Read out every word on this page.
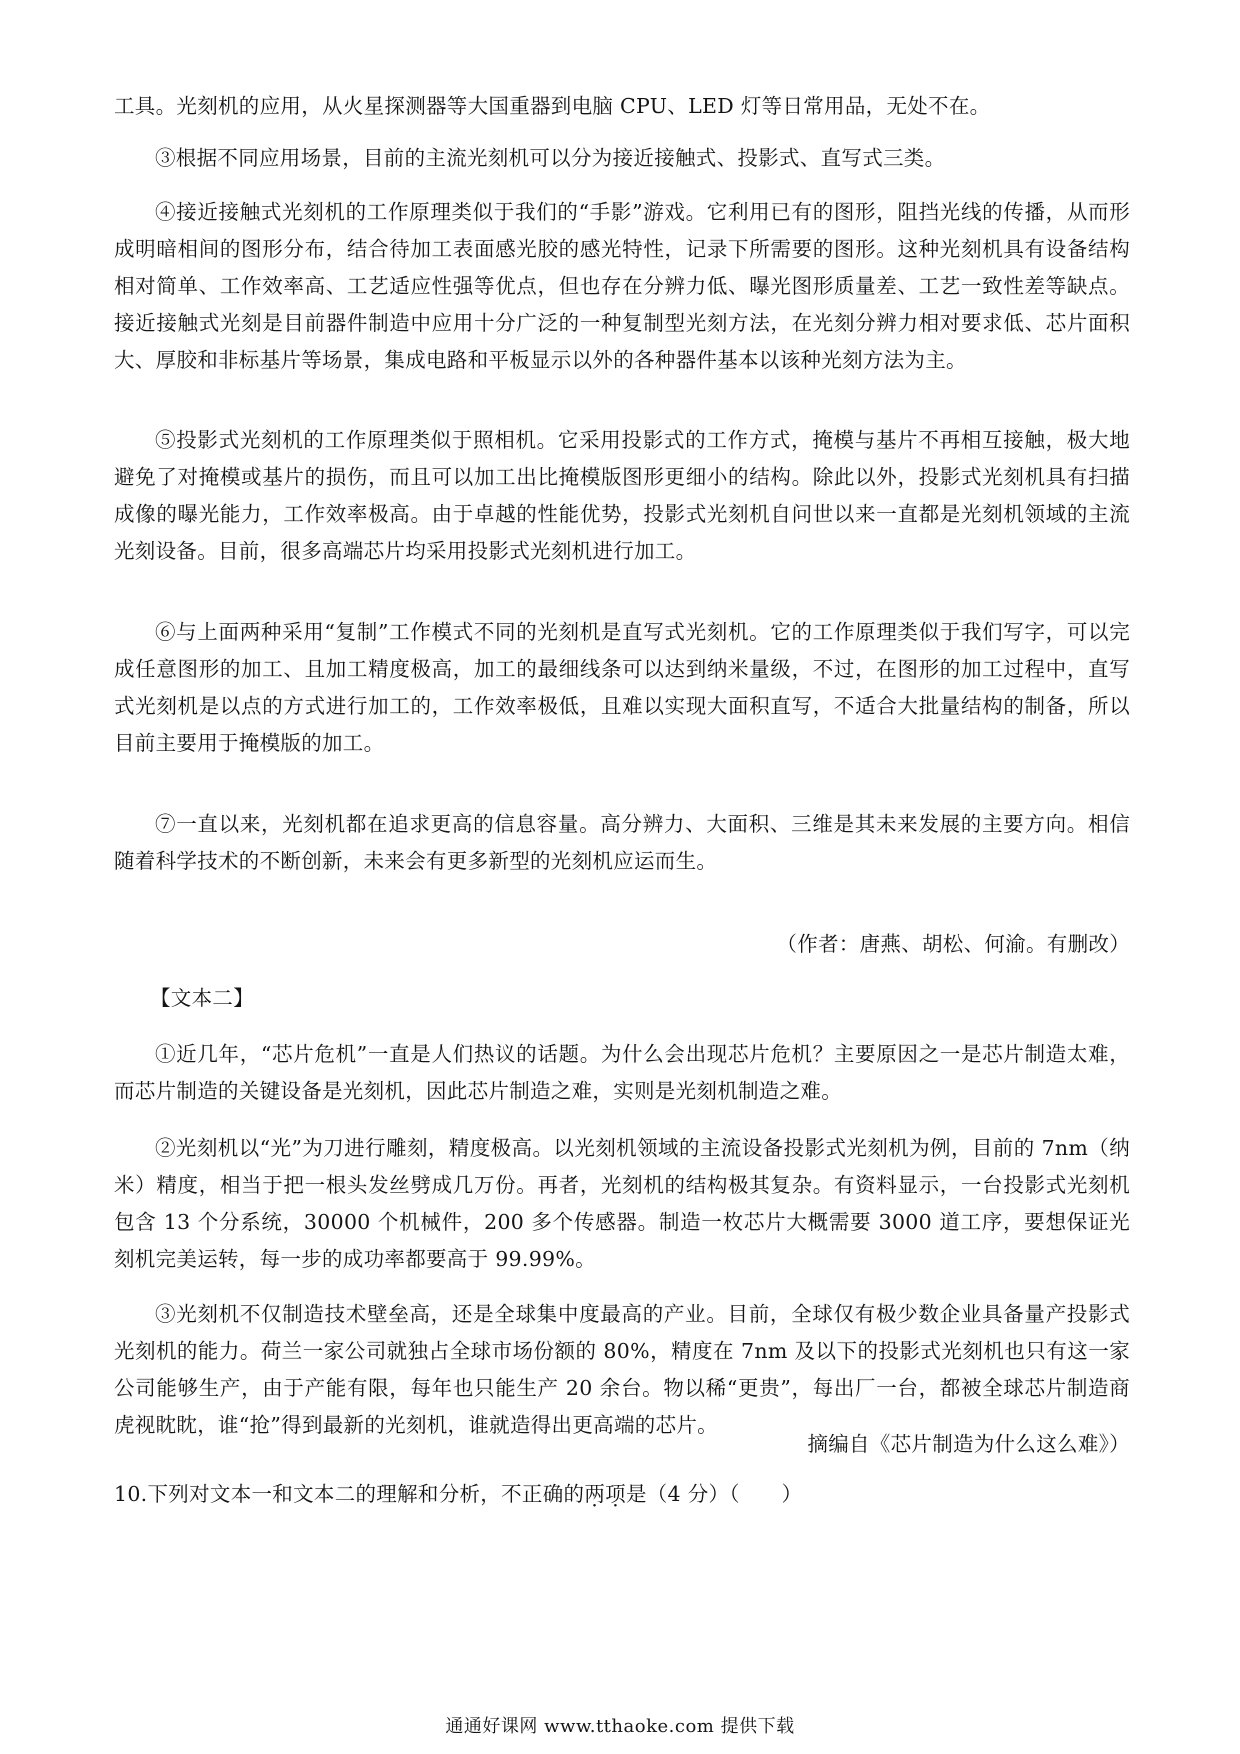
工具。光刻机的应用，从火星探测器等大国重器到电脑 CPU、LED 灯等日常用品，无处不在。

③根据不同应用场景，目前的主流光刻机可以分为接近接触式、投影式、直写式三类。

④接近接触式光刻机的工作原理类似于我们的“手影”游戏。它利用已有的图形，阻挡光线的传播，从而形成明暗相间的图形分布，结合待加工表面感光胶的感光特性，记录下所需要的图形。这种光刻机具有设备结构相对简单、工作效率高、工艺适应性强等优点，但也存在分辨力低、曝光图形质量差、工艺一致性差等缺点。接近接触式光刻是目前器件制造中应用十分广泛的一种复制型光刻方法，在光刻分辨力相对要求低、芯片面积大、厚胶和非标基片等场景，集成电路和平板显示以外的各种器件基本以该种光刻方法为主。

⑤投影式光刻机的工作原理类似于照相机。它采用投影式的工作方式，掩模与基片不再相互接触，极大地避免了对掩模或基片的损伤，而且可以加工出比掩模版图形更细小的结构。除此以外，投影式光刻机具有扫描成像的曝光能力，工作效率极高。由于卓越的性能优势，投影式光刻机自问世以来一直都是光刻机领域的主流光刻设备。目前，很多高端芯片均采用投影式光刻机进行加工。

⑥与上面两种采用“复制”工作模式不同的光刻机是直写式光刻机。它的工作原理类似于我们写字，可以完成任意图形的加工、且加工精度极高，加工的最细线条可以达到纳米量级，不过，在图形的加工过程中，直写式光刻机是以点的方式进行加工的，工作效率极低，且难以实现大面积直写，不适合大批量结构的制备，所以目前主要用于掩模版的加工。

⑦一直以来，光刻机都在追求更高的信息容量。高分辨力、大面积、三维是其未来发展的主要方向。相信随着科学技术的不断创新，未来会有更多新型的光刻机应运而生。

（作者：唐燕、胡松、何渝。有删改）

【文本二】

①近几年，“芯片危机”一直是人们热议的话题。为什么会出现芯片危机？主要原因之一是芯片制造太难，而芯片制造的关键设备是光刻机，因此芯片制造之难，实则是光刻机制造之难。

②光刻机以“光”为刀进行雕刻，精度极高。以光刻机领域的主流设备投影式光刻机为例，目前的 7nm（纳米）精度，相当于把一根头发丝劈成几万份。再者，光刻机的结构极其复杂。有资料显示，一台投影式光刻机包含 13 个分系统，30000 个机械件，200 多个传感器。制造一枚芯片大概需要 3000 道工序，要想保证光刻机完美运转，每一步的成功率都要高于 99.99%。

③光刻机不仅制造技术壁垒高，还是全球集中度最高的产业。目前，全球仅有极少数企业具备量产投影式光刻机的能力。荷兰一家公司就独占全球市场份额的 80%，精度在 7nm 及以下的投影式光刻机也只有这一家公司能够生产，由于产能有限，每年也只能生产 20 余台。物以稀“更贵”，每出厂一台，都被全球芯片制造商虎视眈眈，谁“抢”得到最新的光刻机，谁就造得出更高端的芯片。

摘编自《芯片制造为什么这么难》）

10.下列对文本一和文本二的理解和分析，不正确的两项是（4 分）（　　）
通通好课网 www.tthaoke.com 提供下载
